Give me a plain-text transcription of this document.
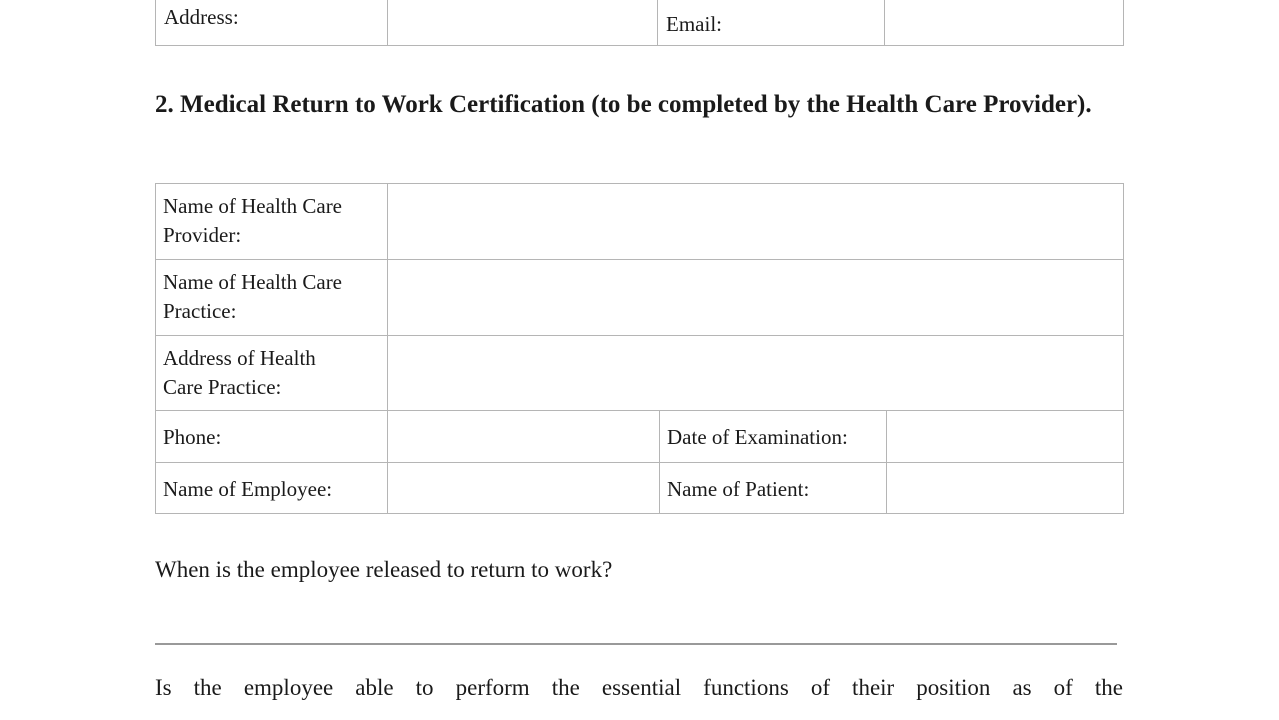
Address:	Email:
2. Medical Return to Work Certification (to be completed by the Health Care Provider).
Name of Health Care Provider:
Name of Health Care Practice:
Address of Health Care Practice:
Phone:	Date of Examination:
Name of Employee:	Name of Patient:
When is the employee released to return to work?
Is the employee able to perform the essential functions of their position as of the
